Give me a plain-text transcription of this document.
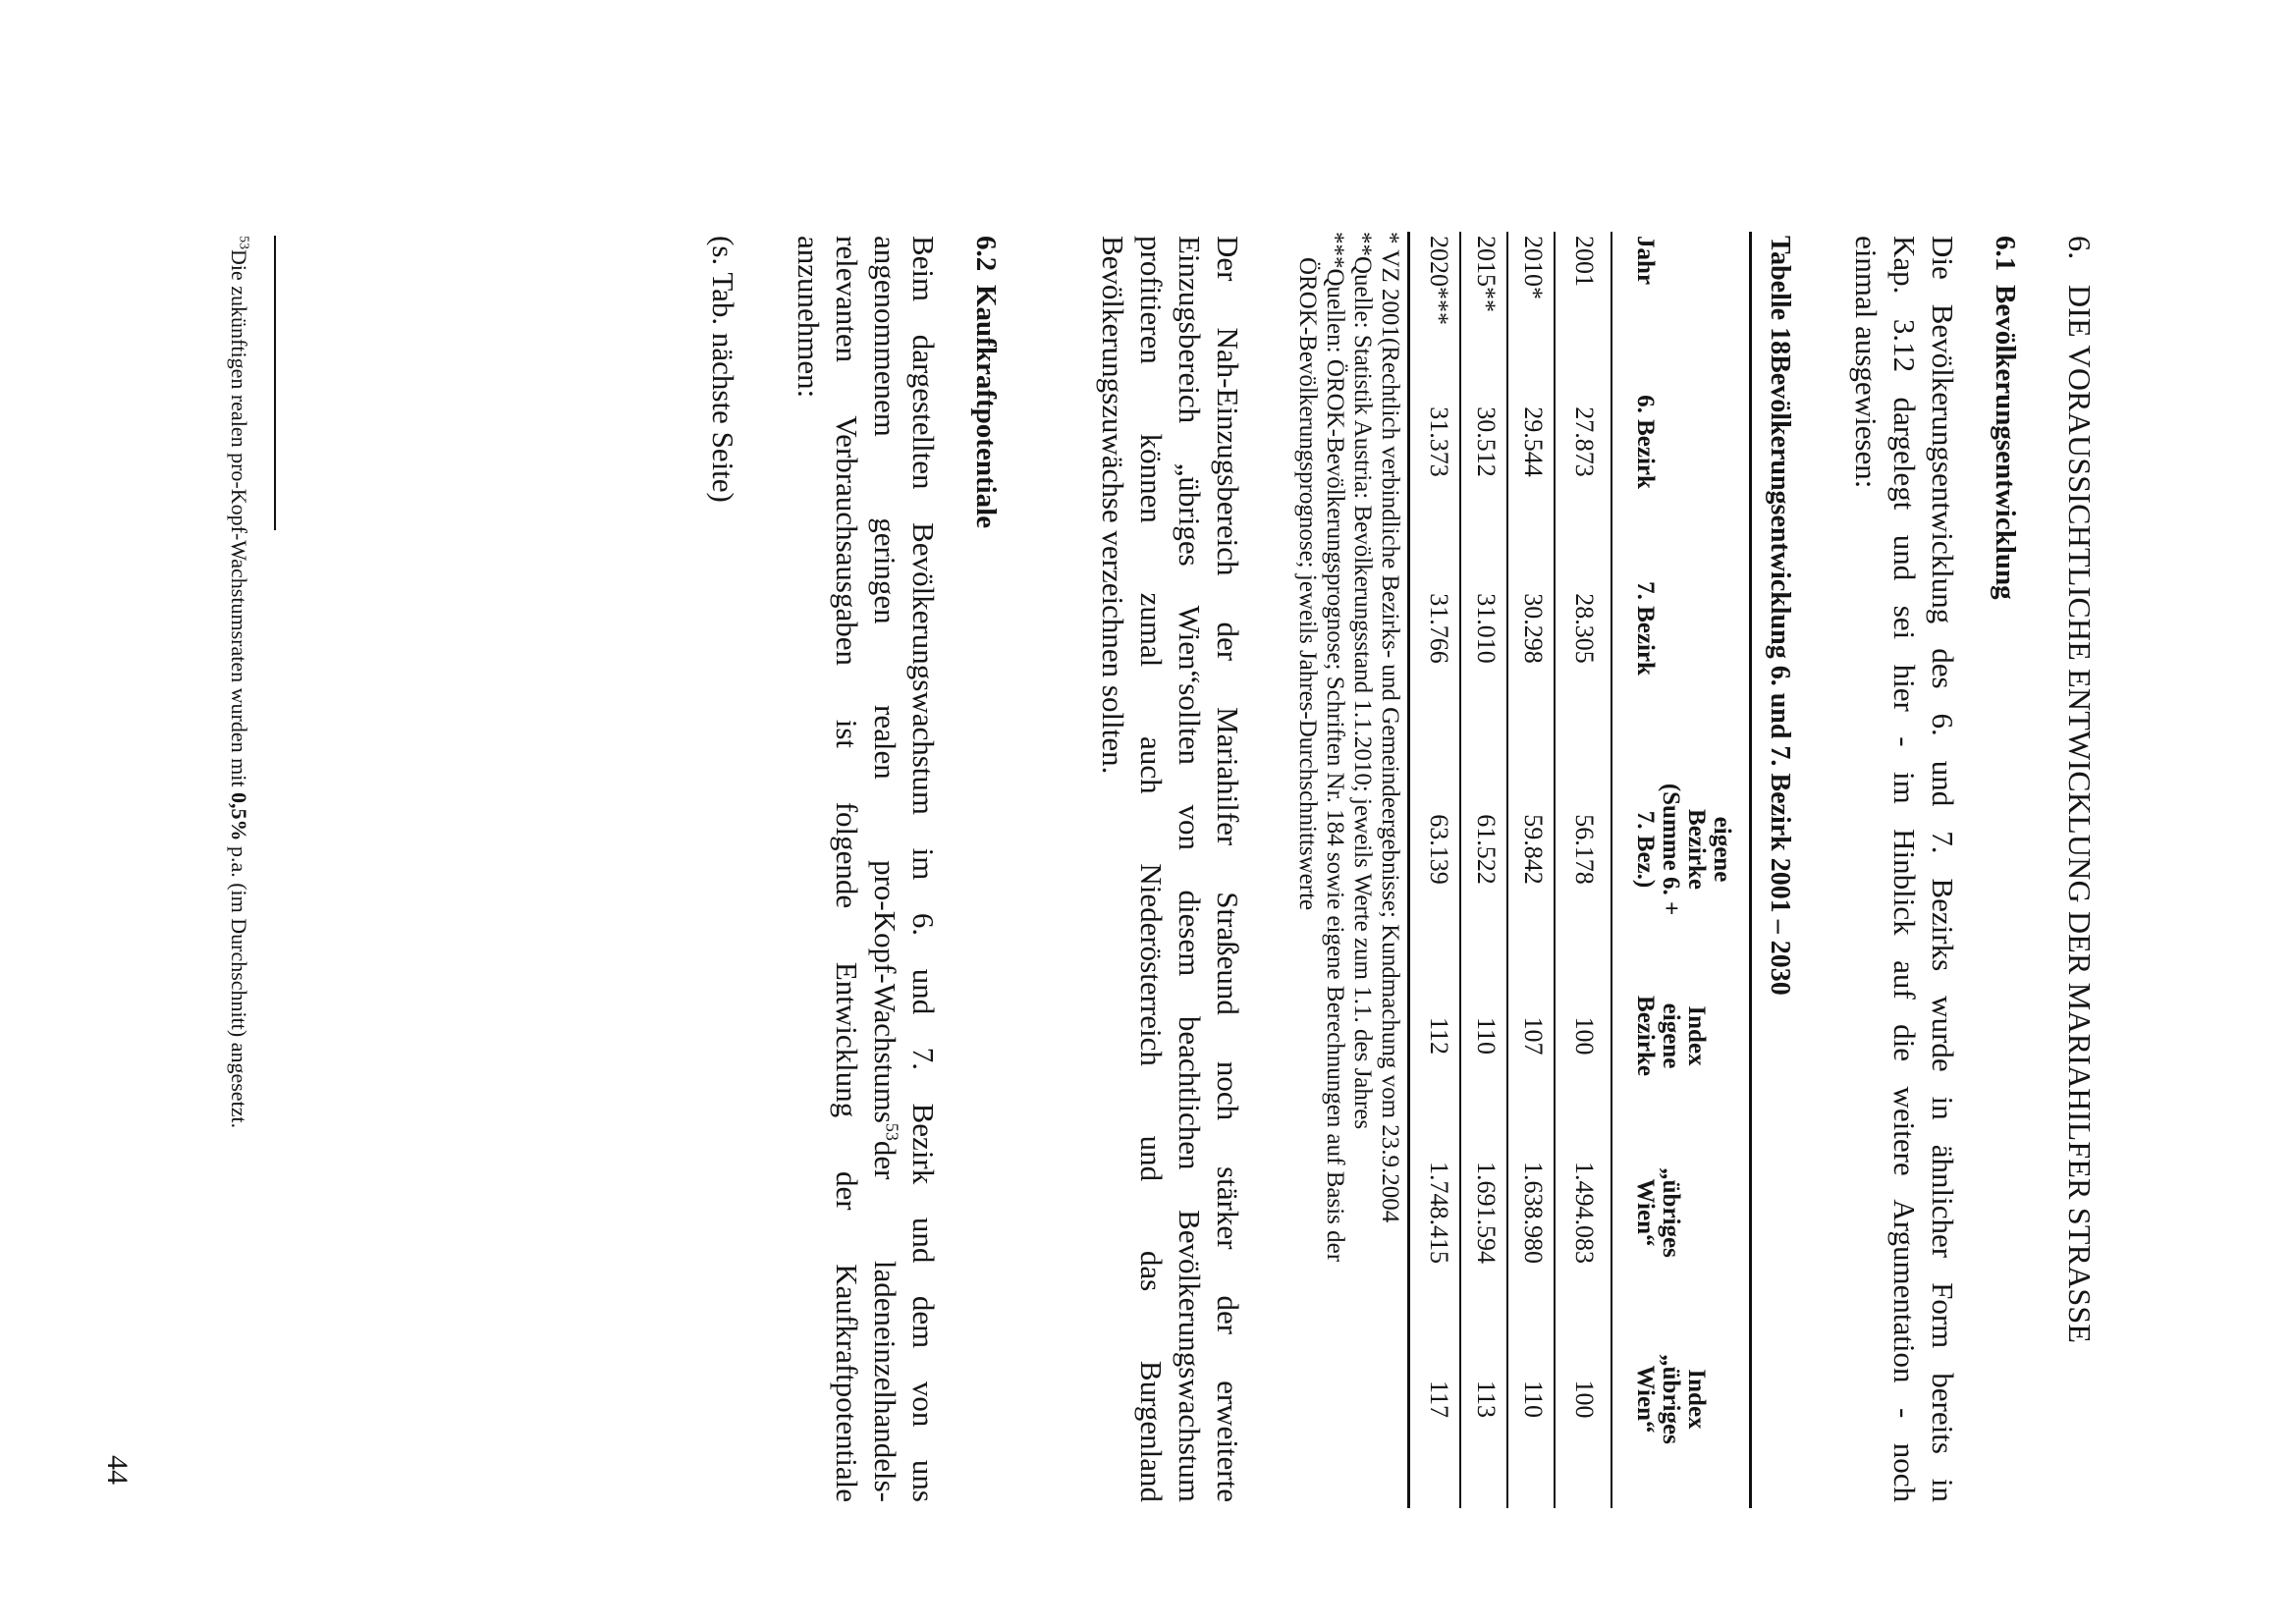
6.DIE VORAUSSICHTLICHE ENTWICKLUNG DER MARIAHILFER STRASSE
6.1Bevölkerungsentwicklung
Die Bevölkerungsentwicklung des 6. und 7. Bezirks wurde in ähnlicher Form bereits in
Kap. 3.12 dargelegt und sei hier - im Hinblick auf die weitere Argumentation - noch
einmal ausgewiesen:
Tabelle 18Bevölkerungsentwicklung 6. und 7. Bezirk 2001 – 2030
Jahr
6. Bezirk
7. Bezirk
eigene
Bezirke
(Summe 6. +
7. Bez.)
Index
eigene
Bezirke
„übriges
Wien“
Index
„übriges
Wien“
2001
27.873
28.305
56.178
100
1.494.083
100
2010*
29.544
30.298
59.842
107
1.638.980
110
2015**
30.512
31.010
61.522
110
1.691.594
113
2020***
31.373
31.766
63.139
112
1.748.415
117
* VZ 2001(Rechtlich verbindliche Bezirks- und Gemeindeergebnisse; Kundmachung vom 23.9.2004
**Quelle: Statistik Austria: Bevölkerungsstand 1.1.2010; jeweils Werte zum 1.1. des Jahres
***Quellen: ÖROK-Bevölkerungsprognose; Schriften Nr. 184 sowie eigene Berechnungen auf Basis der
ÖROK-Bevölkerungsprognose; jeweils Jahres-Durchschnittswerte
Der Nah-Einzugsbereich der Mariahilfer Straßeund noch stärker der erweiterte
Einzugsbereich „übriges Wien“sollten von diesem beachtlichen Bevölkerungswachstum
profitieren können zumal auch Niederösterreich und das Burgenland
Bevölkerungszuwächse verzeichnen sollten.
6.2Kaufkraftpotentiale
Beim dargestellten Bevölkerungswachstum im 6. und 7. Bezirk und dem von uns
angenommenem geringen realen pro-Kopf-Wachstums$^{53}$der ladeneinzelhandels-
relevanten Verbrauchsausgaben ist folgende Entwicklung der Kaufkraftpotentiale
anzunehmen:
(s. Tab. nächste Seite)
$^{53}$Die zukünftigen realen pro-Kopf-Wachstumsraten wurden mit 0,5% p.a. (im Durchschnitt) angesetzt.
44
